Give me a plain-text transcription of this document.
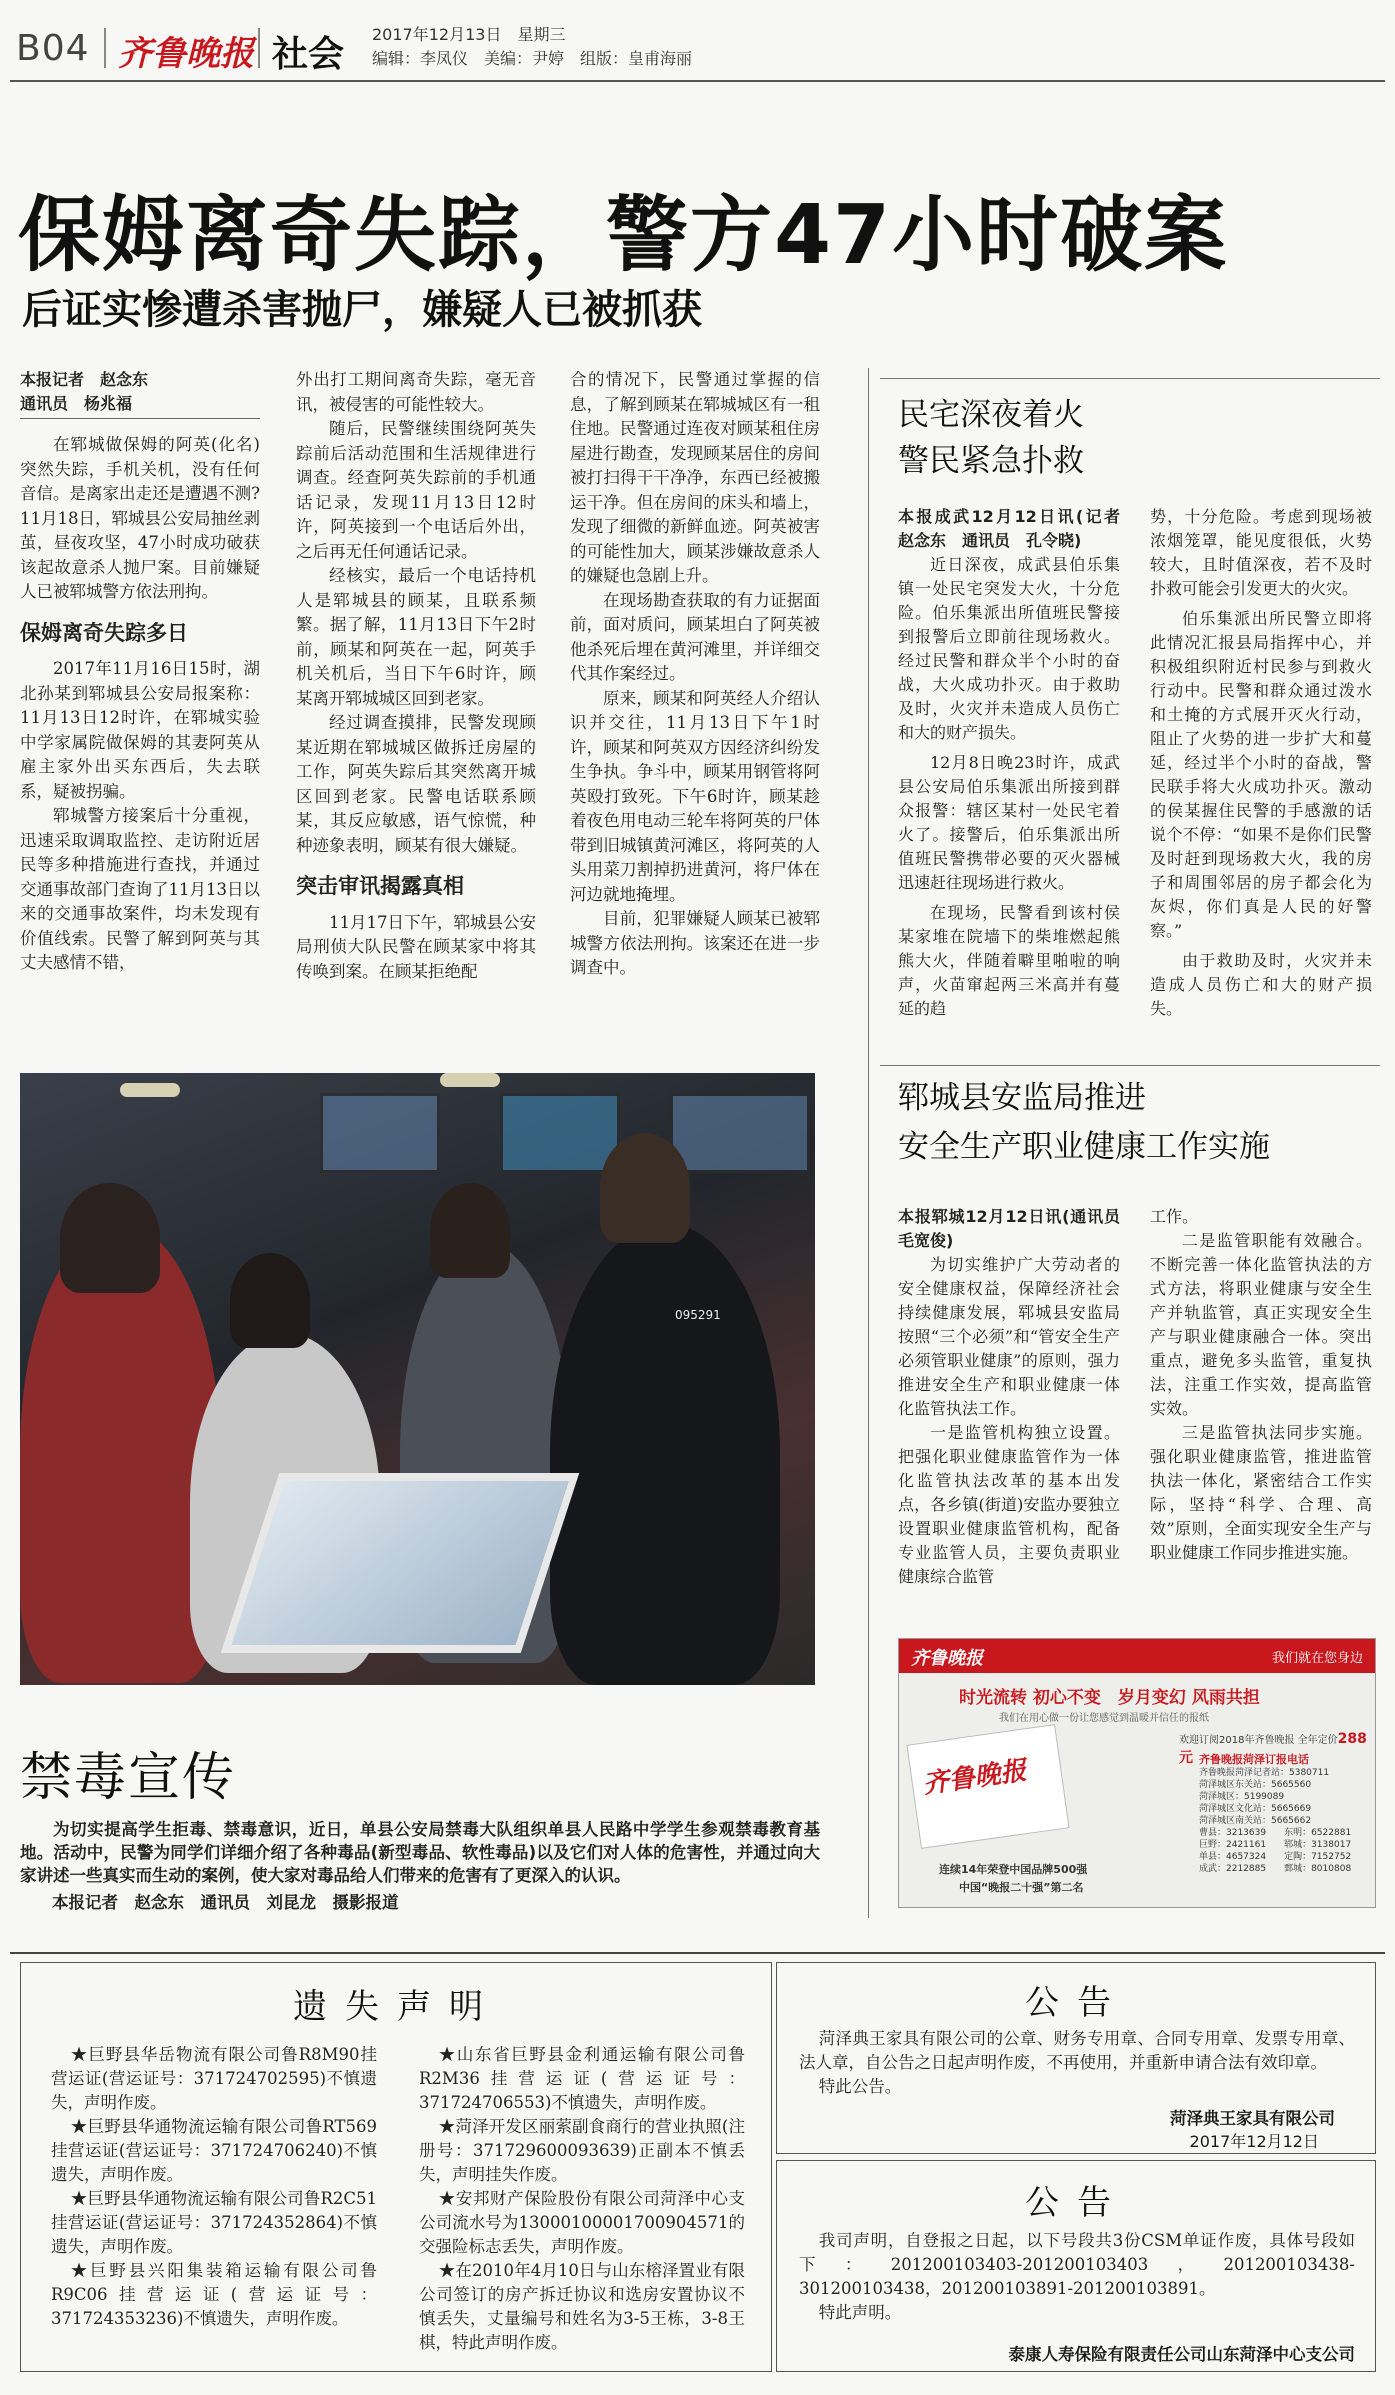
B04 齐鲁晚报 社会 2017年12月13日　星期三
编辑：李凤仪　美编：尹婷　组版：皇甫海丽
保姆离奇失踪，警方47小时破案
后证实惨遭杀害抛尸，嫌疑人已被抓获
本报记者　赵念东
通讯员　杨兆福

在郓城做保姆的阿英(化名)突然失踪，手机关机，没有任何音信。是离家出走还是遭遇不测?11月18日，郓城县公安局抽丝剥茧，昼夜攻坚，47小时成功破获该起故意杀人抛尸案。目前嫌疑人已被郓城警方依法刑拘。

保姆离奇失踪多日

2017年11月16日15时，湖北孙某到郓城县公安局报案称：11月13日12时许，在郓城实验中学家属院做保姆的其妻阿英从雇主家外出买东西后，失去联系，疑被拐骗。

郓城警方接案后十分重视，迅速采取调取监控、走访附近居民等多种措施进行查找，并通过交通事故部门查询了11月13日以来的交通事故案件，均未发现有价值线索。民警了解到阿英与其丈夫感情不错，

外出打工期间离奇失踪，毫无音讯，被侵害的可能性较大。

随后，民警继续围绕阿英失踪前后活动范围和生活规律进行调查。经查阿英失踪前的手机通话记录，发现11月13日12时许，阿英接到一个电话后外出，之后再无任何通话记录。

经核实，最后一个电话持机人是郓城县的顾某，且联系频繁。据了解，11月13日下午2时前，顾某和阿英在一起，阿英手机关机后，当日下午6时许，顾某离开郓城城区回到老家。

经过调查摸排，民警发现顾某近期在郓城城区做拆迁房屋的工作，阿英失踪后其突然离开城区回到老家。民警电话联系顾某，其反应敏感，语气惊慌，种种迹象表明，顾某有很大嫌疑。

突击审讯揭露真相

11月17日下午，郓城县公安局刑侦大队民警在顾某家中将其传唤到案。在顾某拒绝配

合的情况下，民警通过掌握的信息，了解到顾某在郓城城区有一租住地。民警通过连夜对顾某租住房屋进行勘查，发现顾某居住的房间被打扫得干干净净，东西已经被搬运干净。但在房间的床头和墙上，发现了细微的新鲜血迹。阿英被害的可能性加大，顾某涉嫌故意杀人的嫌疑也急剧上升。

在现场勘查获取的有力证据面前，面对质问，顾某坦白了阿英被他杀死后埋在黄河滩里，并详细交代其作案经过。

原来，顾某和阿英经人介绍认识并交往，11月13日下午1时许，顾某和阿英双方因经济纠纷发生争执。争斗中，顾某用钢管将阿英殴打致死。下午6时许，顾某趁着夜色用电动三轮车将阿英的尸体带到旧城镇黄河滩区，将阿英的人头用菜刀割掉扔进黄河，将尸体在河边就地掩埋。

目前，犯罪嫌疑人顾某已被郓城警方依法刑拘。该案还在进一步调查中。

民宅深夜着火
警民紧急扑救

本报成武12月12日讯(记者　赵念东　通讯员　孔令晓)

近日深夜，成武县伯乐集镇一处民宅突发大火，十分危险。伯乐集派出所值班民警接到报警后立即前往现场救火。经过民警和群众半个小时的奋战，大火成功扑灭。由于救助及时，火灾并未造成人员伤亡和大的财产损失。

12月8日晚23时许，成武县公安局伯乐集派出所接到群众报警：辖区某村一处民宅着火了。接警后，伯乐集派出所值班民警携带必要的灭火器械迅速赶往现场进行救火。

在现场，民警看到该村侯某家堆在院墙下的柴堆燃起熊熊大火，伴随着噼里啪啦的响声，火苗窜起两三米高并有蔓延的趋

势，十分危险。考虑到现场被浓烟笼罩，能见度很低，火势较大，且时值深夜，若不及时扑救可能会引发更大的火灾。

伯乐集派出所民警立即将此情况汇报县局指挥中心，并积极组织附近村民参与到救火行动中。民警和群众通过泼水和土掩的方式展开灭火行动，阻止了火势的进一步扩大和蔓延，经过半个小时的奋战，警民联手将大火成功扑灭。激动的侯某握住民警的手感激的话说个不停：“如果不是你们民警及时赶到现场救大火，我的房子和周围邻居的房子都会化为灰烬，你们真是人民的好警察。”

由于救助及时，火灾并未造成人员伤亡和大的财产损失。

郓城县安监局推进
安全生产职业健康工作实施

本报郓城12月12日讯(通讯员　毛宽俊)

为切实维护广大劳动者的安全健康权益，保障经济社会持续健康发展，郓城县安监局按照“三个必须”和“管安全生产必须管职业健康”的原则，强力推进安全生产和职业健康一体化监管执法工作。

一是监管机构独立设置。把强化职业健康监管作为一体化监管执法改革的基本出发点，各乡镇(街道)安监办要独立设置职业健康监管机构，配备专业监管人员，主要负责职业健康综合监管

工作。

二是监管职能有效融合。不断完善一体化监管执法的方式方法，将职业健康与安全生产并轨监管，真正实现安全生产与职业健康融合一体。突出重点，避免多头监管，重复执法，注重工作实效，提高监管实效。

三是监管执法同步实施。强化职业健康监管，推进监管执法一体化，紧密结合工作实际，坚持“科学、合理、高效”原则，全面实现安全生产与职业健康工作同步推进实施。

095291
禁毒宣传
为切实提高学生拒毒、禁毒意识，近日，单县公安局禁毒大队组织单县人民路中学学生参观禁毒教育基地。活动中，民警为同学们详细介绍了各种毒品(新型毒品、软性毒品)以及它们对人体的危害性，并通过向大家讲述一些真实而生动的案例，使大家对毒品给人们带来的危害有了更深入的认识。
本报记者　赵念东　通讯员　刘昆龙　摄影报道
齐鲁晚报	我们就在您身边
时光流转 初心不变　岁月变幻 风雨共担
我们在用心做一份让您感觉到温暖并信任的报纸
齐鲁晚报
欢迎订阅2018年齐鲁晚报 全年定价288元 齐鲁晚报菏泽订报电话
齐鲁晚报菏泽记者站：5380711
菏泽城区东关站：5665560
菏泽城区：5199089
菏泽城区文化站：5665669
菏泽城区南关站：5665662
曹县：3213639　　东明：6522881
巨野：2421161　　郓城：3138017
单县：4657324　　定陶：7152752
成武：2212885　　鄄城：8010808
连续14年荣登中国品牌500强
中国“晚报二十强”第二名
遗失声明

★巨野县华岳物流有限公司鲁R8M90挂营运证(营运证号：371724702595)不慎遗失，声明作废。

★巨野县华通物流运输有限公司鲁RT569挂营运证(营运证号：371724706240)不慎遗失，声明作废。

★巨野县华通物流运输有限公司鲁R2C51挂营运证(营运证号：371724352864)不慎遗失，声明作废。

★巨野县兴阳集装箱运输有限公司鲁R9C06挂营运证(营运证号：371724353236)不慎遗失，声明作废。

★山东省巨野县金利通运输有限公司鲁R2M36挂营运证(营运证号：371724706553)不慎遗失，声明作废。

★菏泽开发区丽萦副食商行的营业执照(注册号：371729600093639)正副本不慎丢失，声明挂失作废。

★安邦财产保险股份有限公司菏泽中心支公司流水号为13000100001700904571的交强险标志丢失，声明作废。

★在2010年4月10日与山东榕泽置业有限公司签订的房产拆迁协议和选房安置协议不慎丢失，丈量编号和姓名为3-5王栋，3-8王棋，特此声明作废。

公告

菏泽典王家具有限公司的公章、财务专用章、合同专用章、发票专用章、法人章，自公告之日起声明作废，不再使用，并重新申请合法有效印章。

特此公告。

菏泽典王家具有限公司
2017年12月12日
公告

我司声明，自登报之日起，以下号段共3份CSM单证作废，具体号段如下：201200103403-201200103403，201200103438-301200103438，201200103891-201200103891。

特此声明。

泰康人寿保险有限责任公司山东菏泽中心支公司
